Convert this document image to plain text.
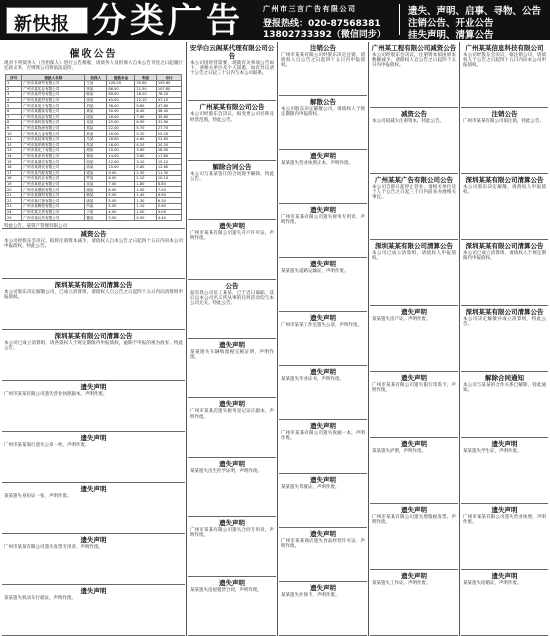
新快报 分类广告	广州市三言广告有限公司
登报热线：020-87568381
13802733392（微信同步）
遗失、声明、启事、寻物、公告
注销公告、开业公告
挂失声明、清算公告
催收公告
现对下列债务人（含担保人）进行公告催收，请债务人及担保人自本公告刊登之日起履行还款义务，否则我公司将依法追偿。
序号	借款人名称	担保人	借款本金	利息	合计
1	广州市某商贸有限公司	王某	120.00	35.60	155.60
2	广州市某实业有限公司	李某	86.50	21.30	107.80
3	广州市某贸易有限公司	陈某	60.00	18.20	78.20
4	广州市某建材有限公司	张某	45.00	12.10	57.10
5	广州市某电子有限公司	刘某	38.00	9.80	47.80
6	广州市某服装有限公司	黄某	30.00	8.40	38.40
7	广州市某食品有限公司	周某	28.00	7.60	35.60
8	广州市某科技有限公司	吴某	25.00	6.90	31.90
9	广州市某物流有限公司	郑某	22.00	5.70	27.70
10	广州市某五金有限公司	孙某	20.00	5.20	25.20
11	广州市某装饰有限公司	马某	18.00	4.60	22.60
12	广州市某印刷有限公司	朱某	16.00	4.20	20.20
13	广州市某化工有限公司	胡某	15.00	3.90	18.90
14	广州市某家具有限公司	林某	14.00	3.60	17.60
15	广州市某酒店有限公司	何某	12.00	3.10	15.10
16	广州市某餐饮有限公司	高某	10.00	2.60	12.60
17	广州市某汽配有限公司	梁某	9.00	2.30	11.30
18	广州市某药业有限公司	罗某	8.00	2.10	10.10
19	广州市某纸业有限公司	宋某	7.00	1.80	8.80
20	广州市某塑胶有限公司	谢某	6.00	1.50	7.50
21	广州市某钢材有限公司	韩某	5.50	1.40	6.90
22	广州市某灯饰有限公司	唐某	5.00	1.30	6.30
23	广州市某陶瓷有限公司	冯某	4.50	1.10	5.60
24	广州市某文具有限公司	于某	4.00	1.00	5.00
25	广州市某玩具有限公司	董某	3.50	0.90	4.40
特此公告。某资产管理有限公司
减资公告
本公司经股东会决议，拟将注册资本减少，请债权人自本公告之日起四十五日内向本公司申报债权。特此公告。
深圳某某有限公司清算公告
本公司股东决定解散公司，已成立清算组，请债权人自公告之日起四十五日内向清算组申报债权。
深圳某某有限公司清算公告
本公司已成立清算组，请各债权人于规定期限内申报债权，逾期不申报的视为放弃。特此公告。
遗失声明
广州市某某有限公司遗失营业执照副本，声明作废。
遗失声明
广州市某某商行遗失公章一枚，声明作废。
遗失声明
某某遗失身份证一张，声明作废。
遗失声明
广州市某某有限公司遗失发票专用章，声明作废。
遗失声明
某某遗失机动车行驶证，声明作废。
安华白云阁某代理有限公司公告
本公司因经营需要，现就有关事项公告如下，请相关单位及个人知悉，如有异议请于公告之日起三十日内与本公司联系。
广州某某有限公司公告
本公司经股东会决议，拟变更公司名称及经营范围，特此公告。
解除合同公告
本公司与某某签订的合同现予解除，特此公告。
遗失声明
广州市某某有限公司遗失开户许可证，声明作废。
公告
兹有我公司员工某某，已于近日离职，其后以本公司名义所从事的任何活动均与本公司无关。特此公告。
遗失声明
某某遗失车辆购置税完税证明，声明作废。
遗失声明
广州市某某店遗失税务登记证正副本，声明作废。
遗失声明
某某遗失出生医学证明，声明作废。
遗失声明
广州市某某有限公司遗失合同专用章，声明作废。
遗失声明
某某遗失房屋租赁合同，声明作废。
注销公告
广州市某某有限公司经股东决定注销，请债权人自公告之日起四十五日内申报债权。
解散公告
本公司股东决定解散公司，请债权人于规定期限内申报债权。
遗失声明
某某遗失营业执照正本，声明作废。
遗失声明
广州市某某有限公司遗失财务专用章，声明作废。
遗失声明
某某遗失道路运输证，声明作废。
遗失声明
广州市某某工作室遗失公章，声明作废。
遗失声明
某某遗失毕业证书，声明作废。
遗失声明
广州市某某有限公司遗失收据一本，声明作废。
遗失声明
某某遗失驾驶证，声明作废。
遗失声明
广州市某某商店遗失食品经营许可证，声明作废。
遗失声明
某某遗失社保卡，声明作废。
广州某工程有限公司减资公告
本公司经股东会决议，注册资本拟由原来数额减少，请债权人自公告之日起四十五日内申报债权。
减资公告
本公司拟减少注册资本，特此公告。
广州某某广告有限公司公告
本公司自即日起停止营业，请相关单位及个人于公告之日起三十日内前来办理相关事宜。
深圳某某有限公司清算公告
本公司已成立清算组，请债权人申报债权。
遗失声明
某某遗失房产证，声明作废。
遗失声明
广州市某某有限公司遗失银行印鉴卡，声明作废。
遗失声明
某某遗失护照，声明作废。
遗失声明
广州市某某有限公司遗失增值税发票，声明作废。
遗失声明
某某遗失工作证，声明作废。
广州某某信息科技有限公司
本公司经股东会决议，拟注销公司，请债权人于公告之日起四十五日内向本公司申报债权。
注销公告
广州市某某有限公司拟注销，特此公告。
深圳某某有限公司清算公告
本公司股东决定解散，请债权人申报债权。
深圳某某有限公司清算公告
本公司已成立清算组，请债权人于规定期限内申报债权。
深圳某某有限公司清算公告
本公司决定解散并成立清算组，特此公告。
解除合同通知
本公司与某某的合作关系已解除，特此通知。
遗失声明
某某遗失学生证，声明作废。
遗失声明
广州市某某有限公司遗失营业执照，声明作废。
遗失声明
某某遗失结婚证，声明作废。
